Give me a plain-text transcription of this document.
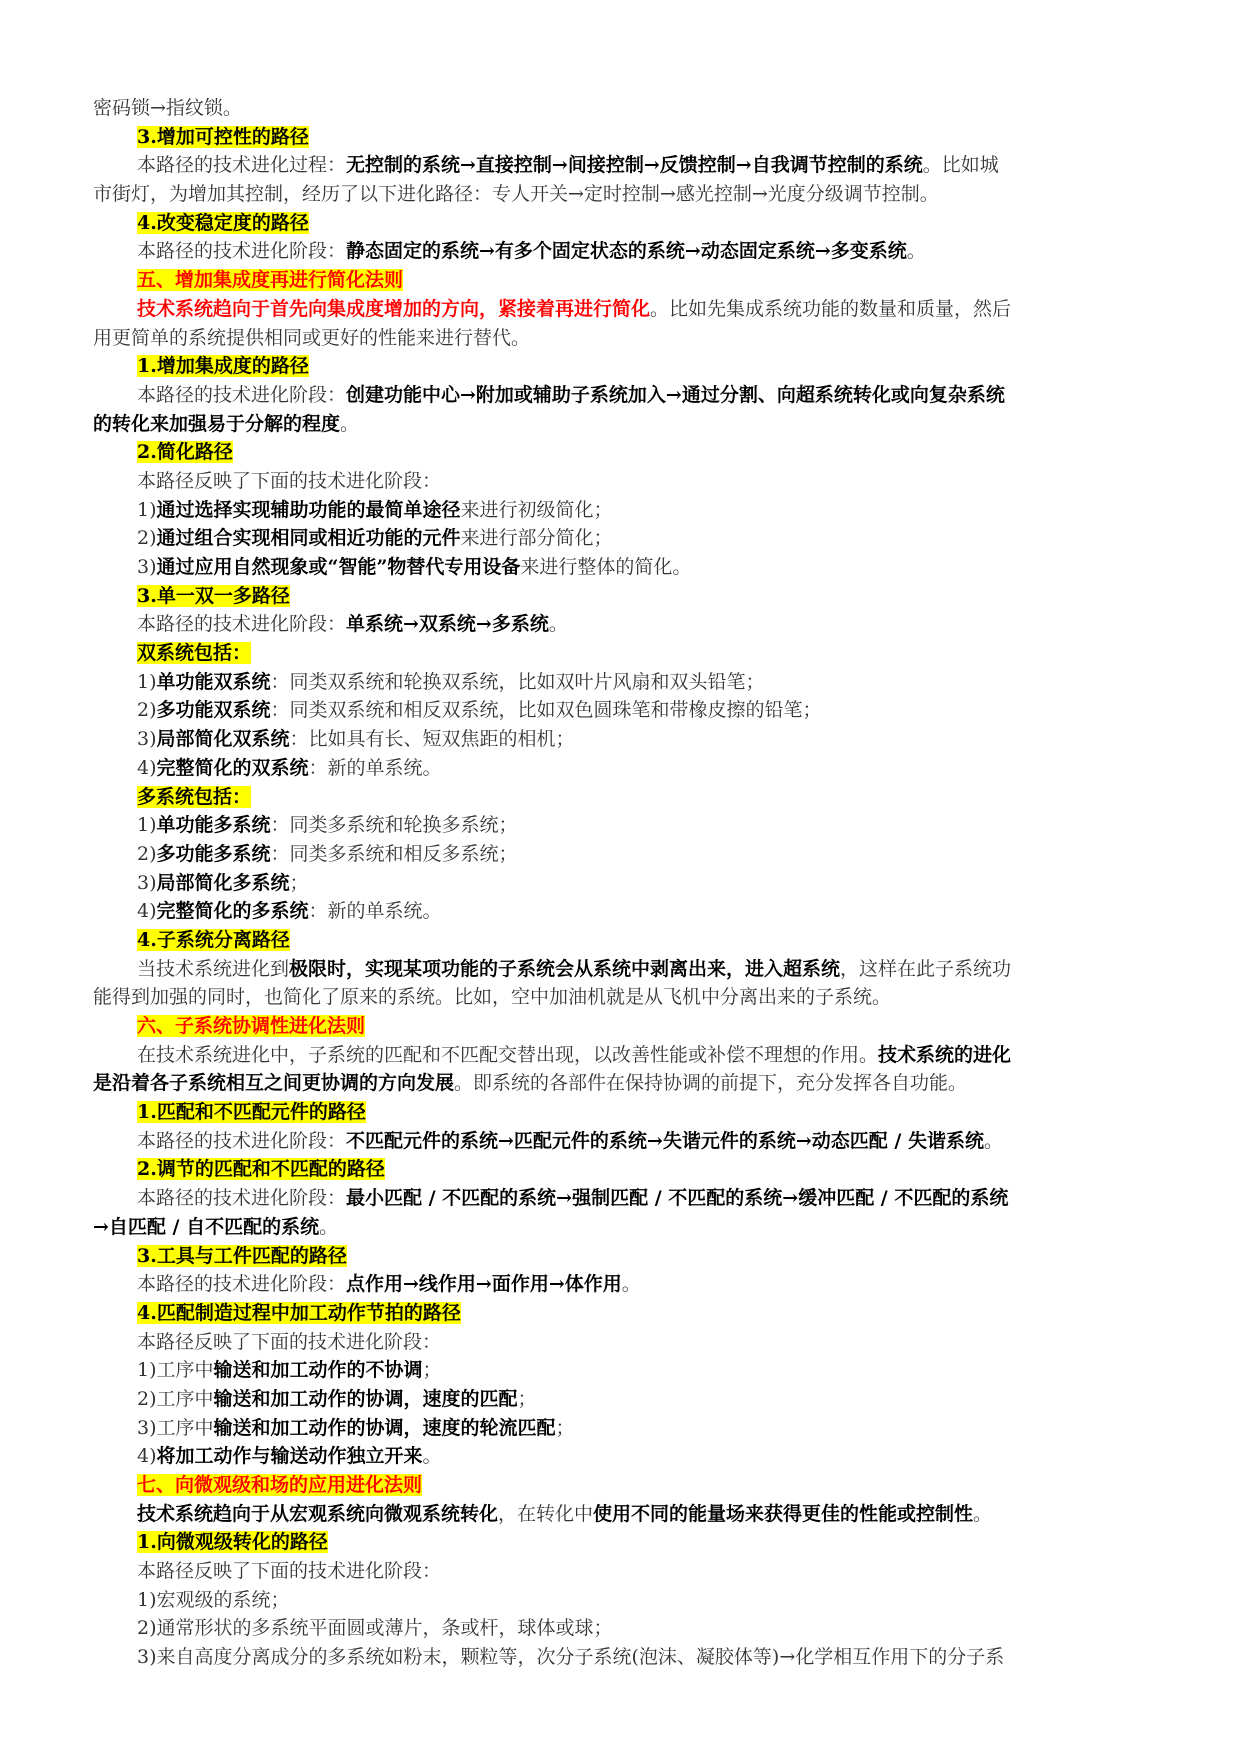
密码锁→指纹锁。
3.增加可控性的路径
本路径的技术进化过程：无控制的系统→直接控制→间接控制→反馈控制→自我调节控制的系统。比如城
市街灯，为增加其控制，经历了以下进化路径：专人开关→定时控制→感光控制→光度分级调节控制。
4.改变稳定度的路径
本路径的技术进化阶段：静态固定的系统→有多个固定状态的系统→动态固定系统→多变系统。
五、增加集成度再进行简化法则
技术系统趋向于首先向集成度增加的方向，紧接着再进行简化。比如先集成系统功能的数量和质量，然后
用更简单的系统提供相同或更好的性能来进行替代。
1.增加集成度的路径
本路径的技术进化阶段：创建功能中心→附加或辅助子系统加入→通过分割、向超系统转化或向复杂系统
的转化来加强易于分解的程度。
2.简化路径
本路径反映了下面的技术进化阶段：
1)通过选择实现辅助功能的最简单途径来进行初级简化；
2)通过组合实现相同或相近功能的元件来进行部分简化；
3)通过应用自然现象或“智能”物替代专用设备来进行整体的简化。
3.单一双一多路径
本路径的技术进化阶段：单系统→双系统→多系统。
双系统包括：
1)单功能双系统：同类双系统和轮换双系统，比如双叶片风扇和双头铅笔；
2)多功能双系统：同类双系统和相反双系统，比如双色圆珠笔和带橡皮擦的铅笔；
3)局部简化双系统：比如具有长、短双焦距的相机；
4)完整简化的双系统：新的单系统。
多系统包括：
1)单功能多系统：同类多系统和轮换多系统；
2)多功能多系统：同类多系统和相反多系统；
3)局部简化多系统；
4)完整简化的多系统：新的单系统。
4.子系统分离路径
当技术系统进化到极限时，实现某项功能的子系统会从系统中剥离出来，进入超系统，这样在此子系统功
能得到加强的同时，也简化了原来的系统。比如，空中加油机就是从飞机中分离出来的子系统。
六、子系统协调性进化法则
在技术系统进化中，子系统的匹配和不匹配交替出现，以改善性能或补偿不理想的作用。技术系统的进化
是沿着各子系统相互之间更协调的方向发展。即系统的各部件在保持协调的前提下，充分发挥各自功能。
1.匹配和不匹配元件的路径
本路径的技术进化阶段：不匹配元件的系统→匹配元件的系统→失谐元件的系统→动态匹配 / 失谐系统。
2.调节的匹配和不匹配的路径
本路径的技术进化阶段：最小匹配 / 不匹配的系统→强制匹配 / 不匹配的系统→缓冲匹配 / 不匹配的系统
→自匹配 / 自不匹配的系统。
3.工具与工件匹配的路径
本路径的技术进化阶段：点作用→线作用→面作用→体作用。
4.匹配制造过程中加工动作节拍的路径
本路径反映了下面的技术进化阶段：
1)工序中输送和加工动作的不协调；
2)工序中输送和加工动作的协调，速度的匹配；
3)工序中输送和加工动作的协调，速度的轮流匹配；
4)将加工动作与输送动作独立开来。
七、向微观级和场的应用进化法则
技术系统趋向于从宏观系统向微观系统转化，在转化中使用不同的能量场来获得更佳的性能或控制性。
1.向微观级转化的路径
本路径反映了下面的技术进化阶段：
1)宏观级的系统；
2)通常形状的多系统平面圆或薄片，条或杆，球体或球；
3)来自高度分离成分的多系统如粉末，颗粒等，次分子系统(泡沫、凝胶体等)→化学相互作用下的分子系
